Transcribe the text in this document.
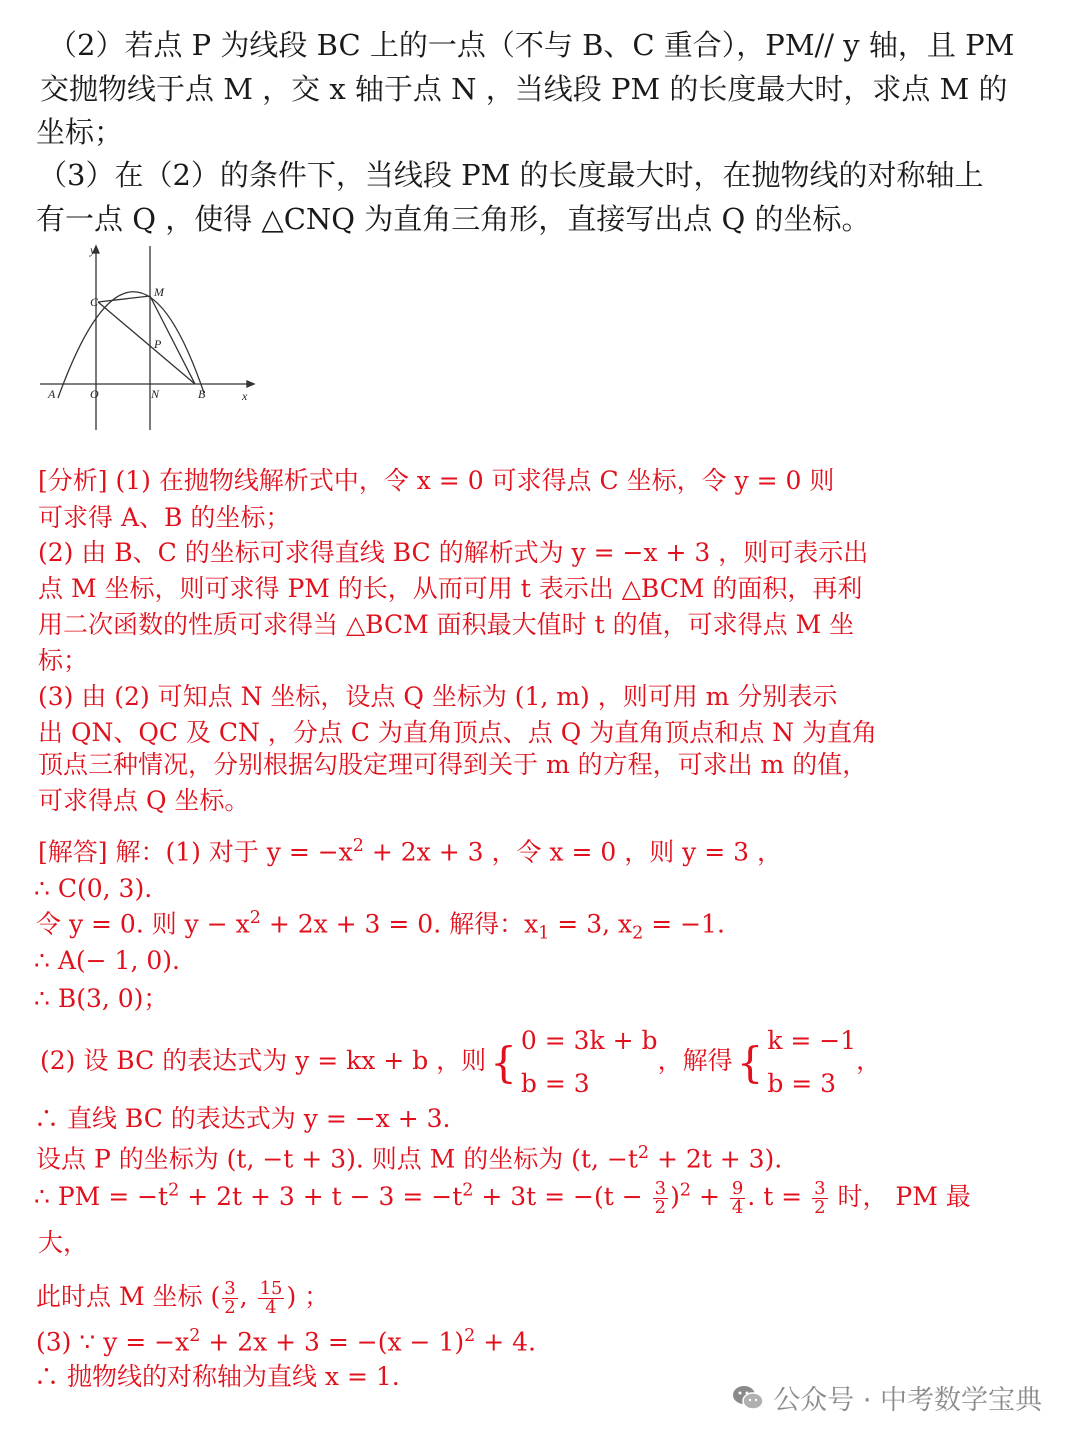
（2）若点 P 为线段 BC 上的一点（不与 B、C 重合），PM// y 轴，且 PM
交抛物线于点 M ，交 x 轴于点 N ，当线段 PM 的长度最大时，求点 M 的
坐标；
（3）在（2）的条件下，当线段 PM 的长度最大时，在抛物线的对称轴上
有一点 Q ，使得 △CNQ 为直角三角形，直接写出点 Q 的坐标。
y
x
C
M
P
A	O	N	B
[分析] (1) 在抛物线解析式中，令 x = 0 可求得点 C 坐标，令 y = 0 则
可求得 A、B 的坐标；
(2) 由 B、C 的坐标可求得直线 BC 的解析式为 y = −x + 3 ，则可表示出
点 M 坐标，则可求得 PM 的长，从而可用 t 表示出 △BCM 的面积，再利
用二次函数的性质可求得当 △BCM 面积最大值时 t 的值，可求得点 M 坐
标；
(3) 由 (2) 可知点 N 坐标，设点 Q 坐标为 (1, m) ，则可用 m 分别表示
出 QN、QC 及 CN ，分点 C 为直角顶点、点 Q 为直角顶点和点 N 为直角
顶点三种情况，分别根据勾股定理可得到关于 m 的方程，可求出 m 的值，
可求得点 Q 坐标。
[解答] 解：(1) 对于 $y = -x^2 + 2x + 3$ ，令 x = 0 ，则 y = 3 ，
∴ C(0, 3).
令 y = 0. 则 $y - x^2 + 2x + 3 = 0$. 解得：$x_1 = 3$, $x_2 = -1$.
∴ A(− 1, 0).
∴ B(3, 0)；
(2) 设 BC 的表达式为 y = kx + b ，则{ 0 = 3k + b
b = 3
，解得{ k = −1
b = 3
，
∴ 直线 BC 的表达式为 y = −x + 3.
设点 P 的坐标为 (t, −t + 3). 则点 M 的坐标为 (t, $-t^2 + 2t + 3$).
∴ PM = $-t^2 + 2t + 3 + t - 3 = -t^2 + 3t = -(t - \frac{3}{2} )^2 + \frac{9}{4}$ . $t = \frac{3}{2}$ 时， PM 最
大，
此时点 M 坐标 ( $\frac{3}{2}$ , $\frac{15}{4}$ ) ；
(3) ∵ $y = -x^2 + 2x + 3 = -(x - 1)^2 + 4$.
∴ 抛物线的对称轴为直线 x = 1.
公众号 · 中考数学宝典
